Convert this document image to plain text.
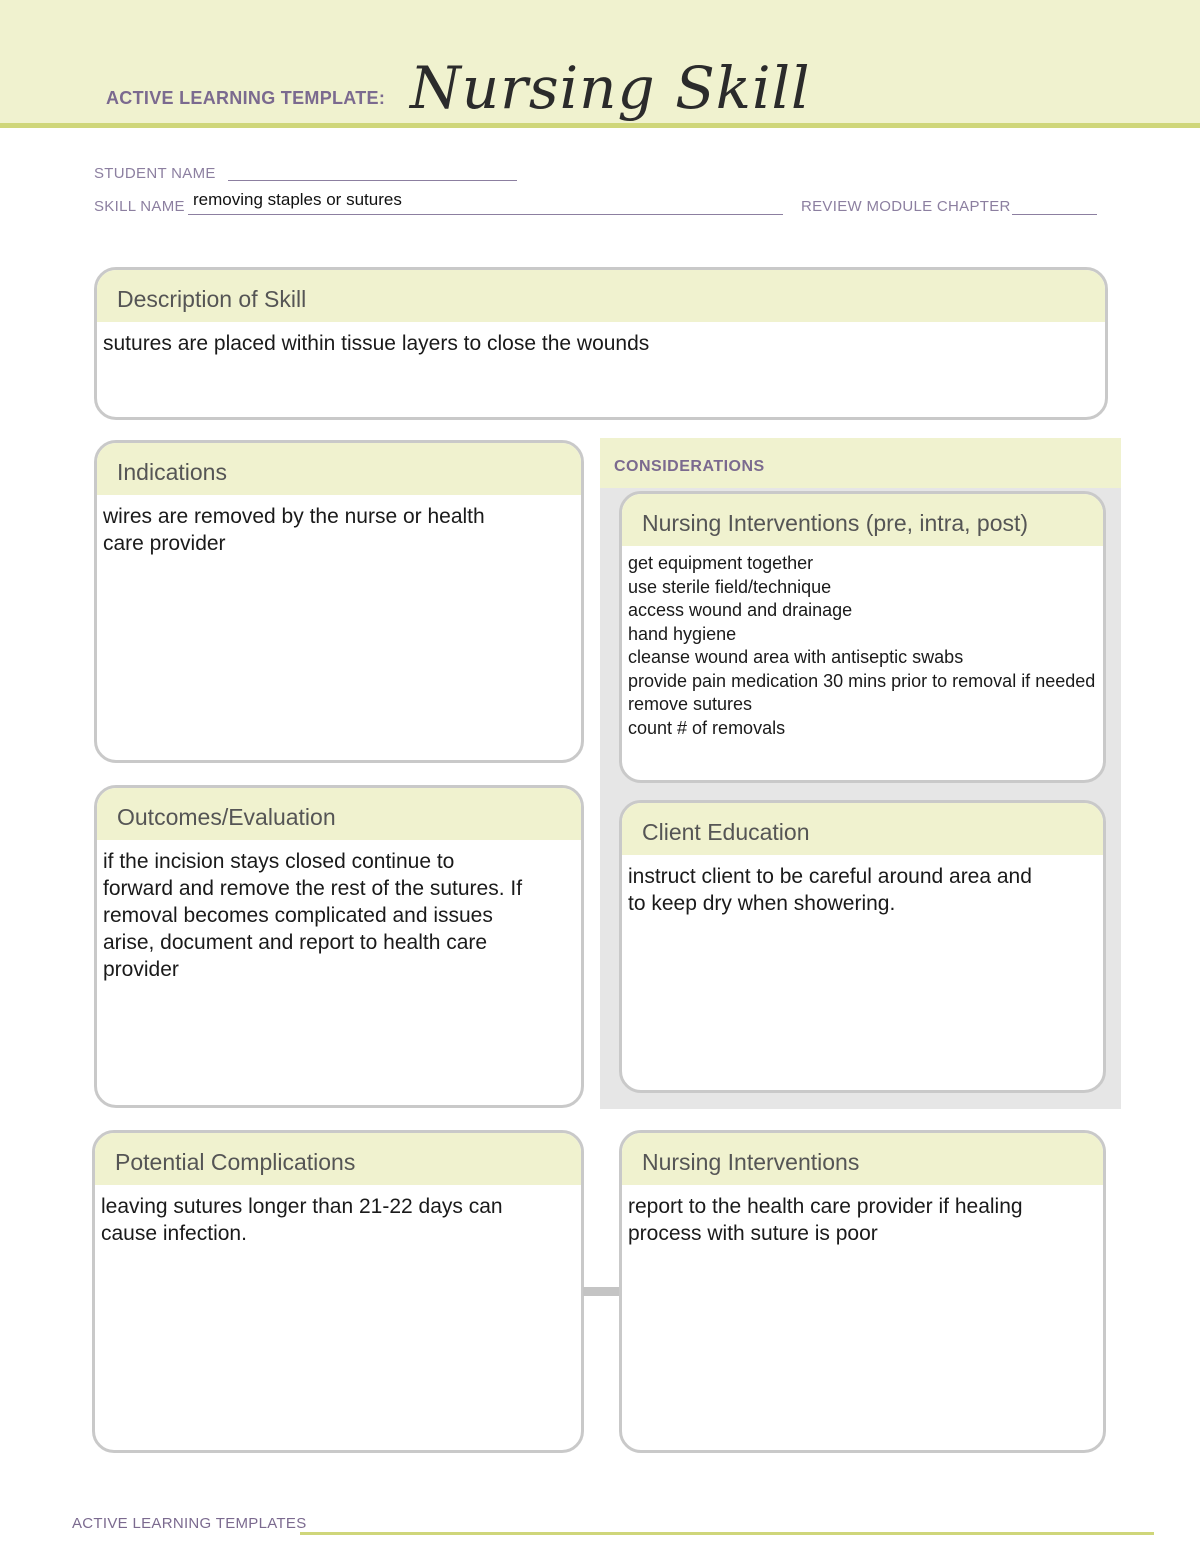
ACTIVE LEARNING TEMPLATE: Nursing Skill
STUDENT NAME
SKILL NAME removing staples or sutures	REVIEW MODULE CHAPTER
Description of Skill
sutures are placed within tissue layers to close the wounds
Indications
wires are removed by the nurse or health
care provider
Outcomes/Evaluation
if the incision stays closed continue to
forward and remove the rest of the sutures. If
removal becomes complicated and issues
arise, document and report to health care
provider
CONSIDERATIONS
Nursing Interventions (pre, intra, post)
get equipment together
use sterile field/technique
access wound and drainage
hand hygiene
cleanse wound area with antiseptic swabs
provide pain medication 30 mins prior to removal if needed
remove sutures
count # of removals
Client Education
instruct client to be careful around area and
to keep dry when showering.
Potential Complications
leaving sutures longer than 21-22 days can
cause infection.
Nursing Interventions
report to the health care provider if healing
process with suture is poor
ACTIVE LEARNING TEMPLATES
